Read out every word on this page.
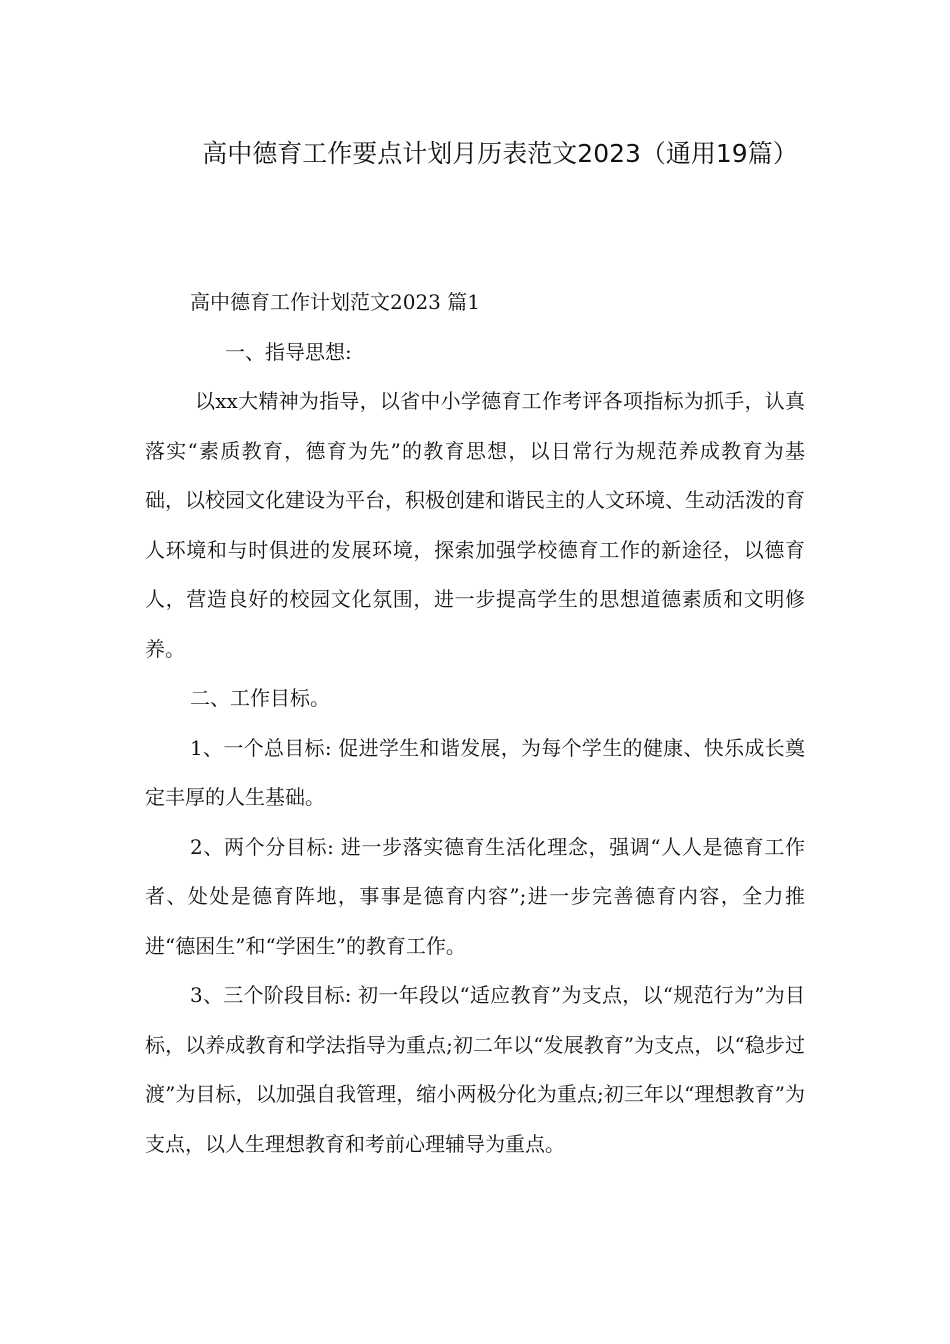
高中德育工作要点计划月历表范文2023（通用19篇）

高中德育工作计划范文2023 篇1

一、指导思想:

以xx大精神为指导，以省中小学德育工作考评各项指标为抓手，认真落实“素质教育，德育为先”的教育思想，以日常行为规范养成教育为基础，以校园文化建设为平台，积极创建和谐民主的人文环境、生动活泼的育人环境和与时俱进的发展环境，探索加强学校德育工作的新途径，以德育人，营造良好的校园文化氛围，进一步提高学生的思想道德素质和文明修养。

二、工作目标。

1、一个总目标: 促进学生和谐发展，为每个学生的健康、快乐成长奠定丰厚的人生基础。

2、两个分目标: 进一步落实德育生活化理念，强调“人人是德育工作者、处处是德育阵地，事事是德育内容”;进一步完善德育内容，全力推进“德困生”和“学困生”的教育工作。

3、三个阶段目标: 初一年段以“适应教育”为支点，以“规范行为”为目标，以养成教育和学法指导为重点;初二年以“发展教育”为支点，以“稳步过渡”为目标，以加强自我管理，缩小两极分化为重点;初三年以“理想教育”为支点，以人生理想教育和考前心理辅导为重点。
